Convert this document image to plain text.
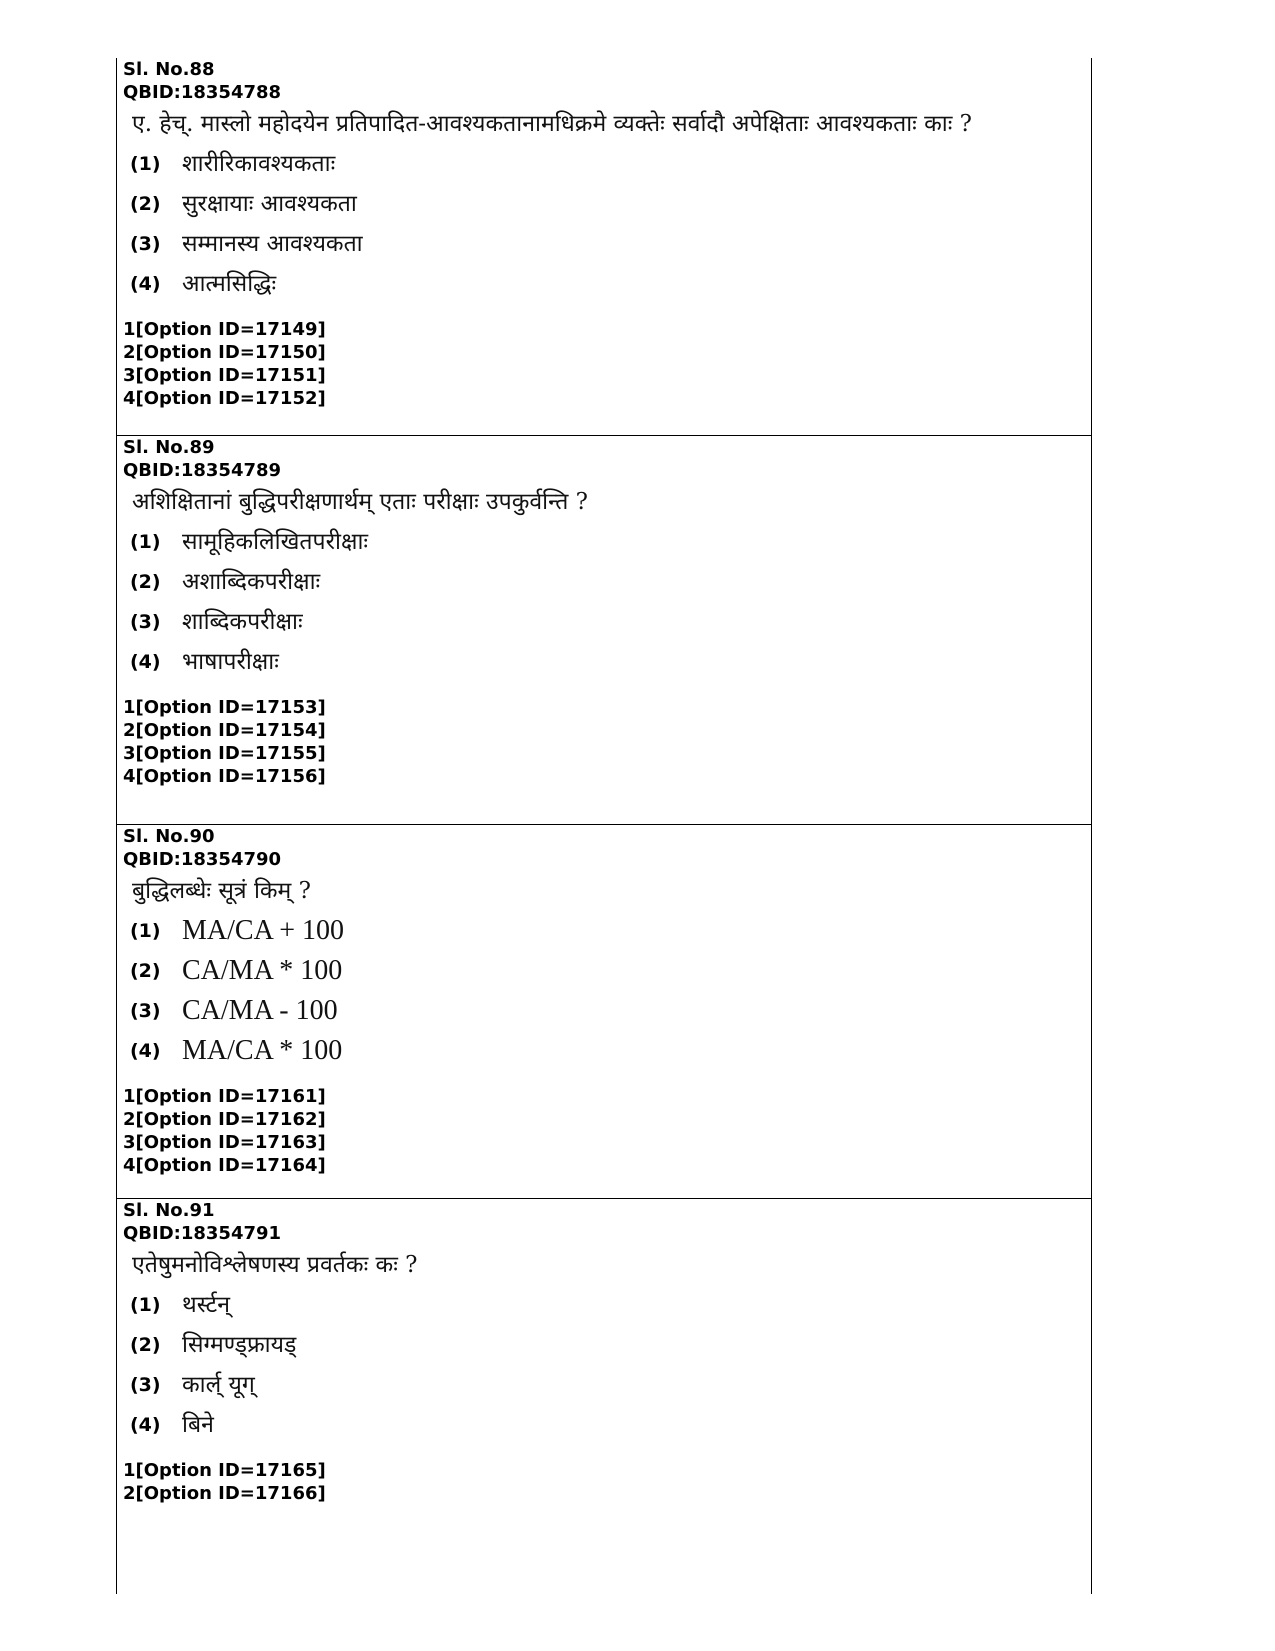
Sl. No.88
QBID:18354788
ए. हेच्. मास्लो महोदयेन प्रतिपादित-आवश्यकतानामधिक्रमे व्यक्तेः सर्वादौ अपेक्षिताः आवश्यकताः काः ?
(1) शारीरिकावश्यकताः
(2) सुरक्षायाः आवश्यकता
(3) सम्मानस्य आवश्यकता
(4) आत्मसिद्धिः
1[Option ID=17149]
2[Option ID=17150]
3[Option ID=17151]
4[Option ID=17152]
Sl. No.89
QBID:18354789
अशिक्षितानां बुद्धिपरीक्षणार्थम् एताः परीक्षाः उपकुर्वन्ति ?
(1) सामूहिकलिखितपरीक्षाः
(2) अशाब्दिकपरीक्षाः
(3) शाब्दिकपरीक्षाः
(4) भाषापरीक्षाः
1[Option ID=17153]
2[Option ID=17154]
3[Option ID=17155]
4[Option ID=17156]
Sl. No.90
QBID:18354790
बुद्धिलब्धेः सूत्रं किम् ?
(1) MA/CA + 100
(2) CA/MA * 100
(3) CA/MA - 100
(4) MA/CA * 100
1[Option ID=17161]
2[Option ID=17162]
3[Option ID=17163]
4[Option ID=17164]
Sl. No.91
QBID:18354791
एतेषुमनोविश्लेषणस्य प्रवर्तकः कः ?
(1) थर्स्टन्
(2) सिग्मण्ड्फ्रायड्
(3) कार्ल् यूग्
(4) बिने
1[Option ID=17165]
2[Option ID=17166]
